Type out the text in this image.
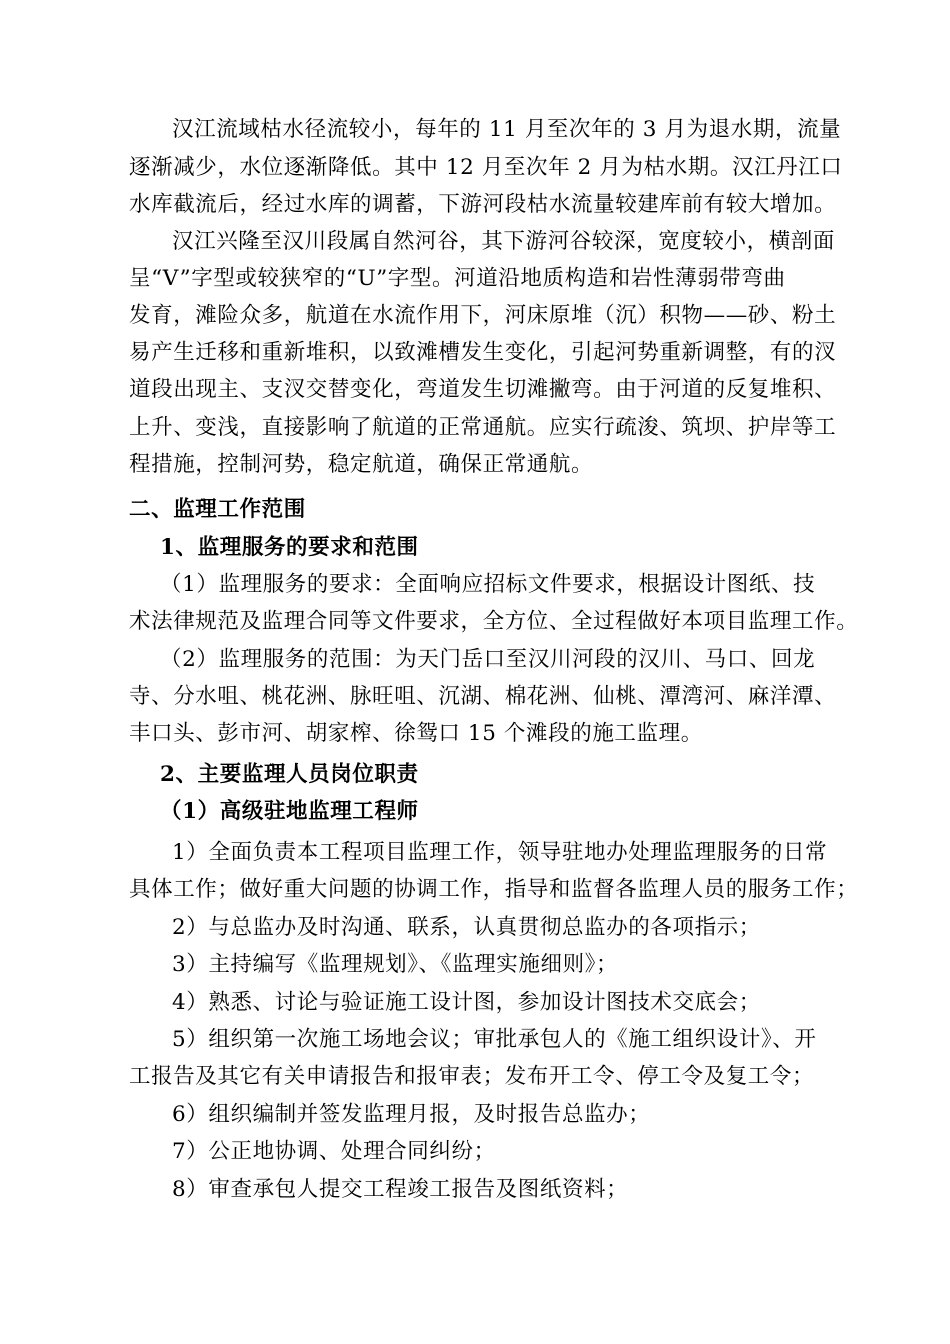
汉江流域枯水径流较小，每年的 11 月至次年的 3 月为退水期，流量
逐渐减少，水位逐渐降低。其中 12 月至次年 2 月为枯水期。汉江丹江口
水库截流后，经过水库的调蓄，下游河段枯水流量较建库前有较大增加。
汉江兴隆至汉川段属自然河谷，其下游河谷较深，宽度较小，横剖面
呈“V”字型或较狭窄的“U”字型。河道沿地质构造和岩性薄弱带弯曲
发育，滩险众多，航道在水流作用下，河床原堆（沉）积物——砂、粉土
易产生迁移和重新堆积，以致滩槽发生变化，引起河势重新调整，有的汊
道段出现主、支汊交替变化，弯道发生切滩撇弯。由于河道的反复堆积、
上升、变浅，直接影响了航道的正常通航。应实行疏浚、筑坝、护岸等工
程措施，控制河势，稳定航道，确保正常通航。
二、监理工作范围
1、监理服务的要求和范围
（1）监理服务的要求：全面响应招标文件要求，根据设计图纸、技
术法律规范及监理合同等文件要求，全方位、全过程做好本项目监理工作。
（2）监理服务的范围：为天门岳口至汉川河段的汉川、马口、回龙
寺、分水咀、桃花洲、脉旺咀、沉湖、棉花洲、仙桃、潭湾河、麻洋潭、
丰口头、彭市河、胡家榨、徐鸳口 15 个滩段的施工监理。
2、主要监理人员岗位职责
（1）高级驻地监理工程师
1）全面负责本工程项目监理工作，领导驻地办处理监理服务的日常
具体工作；做好重大问题的协调工作，指导和监督各监理人员的服务工作；
2）与总监办及时沟通、联系，认真贯彻总监办的各项指示；
3）主持编写《监理规划》、《监理实施细则》；
4）熟悉、讨论与验证施工设计图，参加设计图技术交底会；
5）组织第一次施工场地会议；审批承包人的《施工组织设计》、开
工报告及其它有关申请报告和报审表；发布开工令、停工令及复工令；
6）组织编制并签发监理月报，及时报告总监办；
7）公正地协调、处理合同纠纷；
8）审查承包人提交工程竣工报告及图纸资料；
